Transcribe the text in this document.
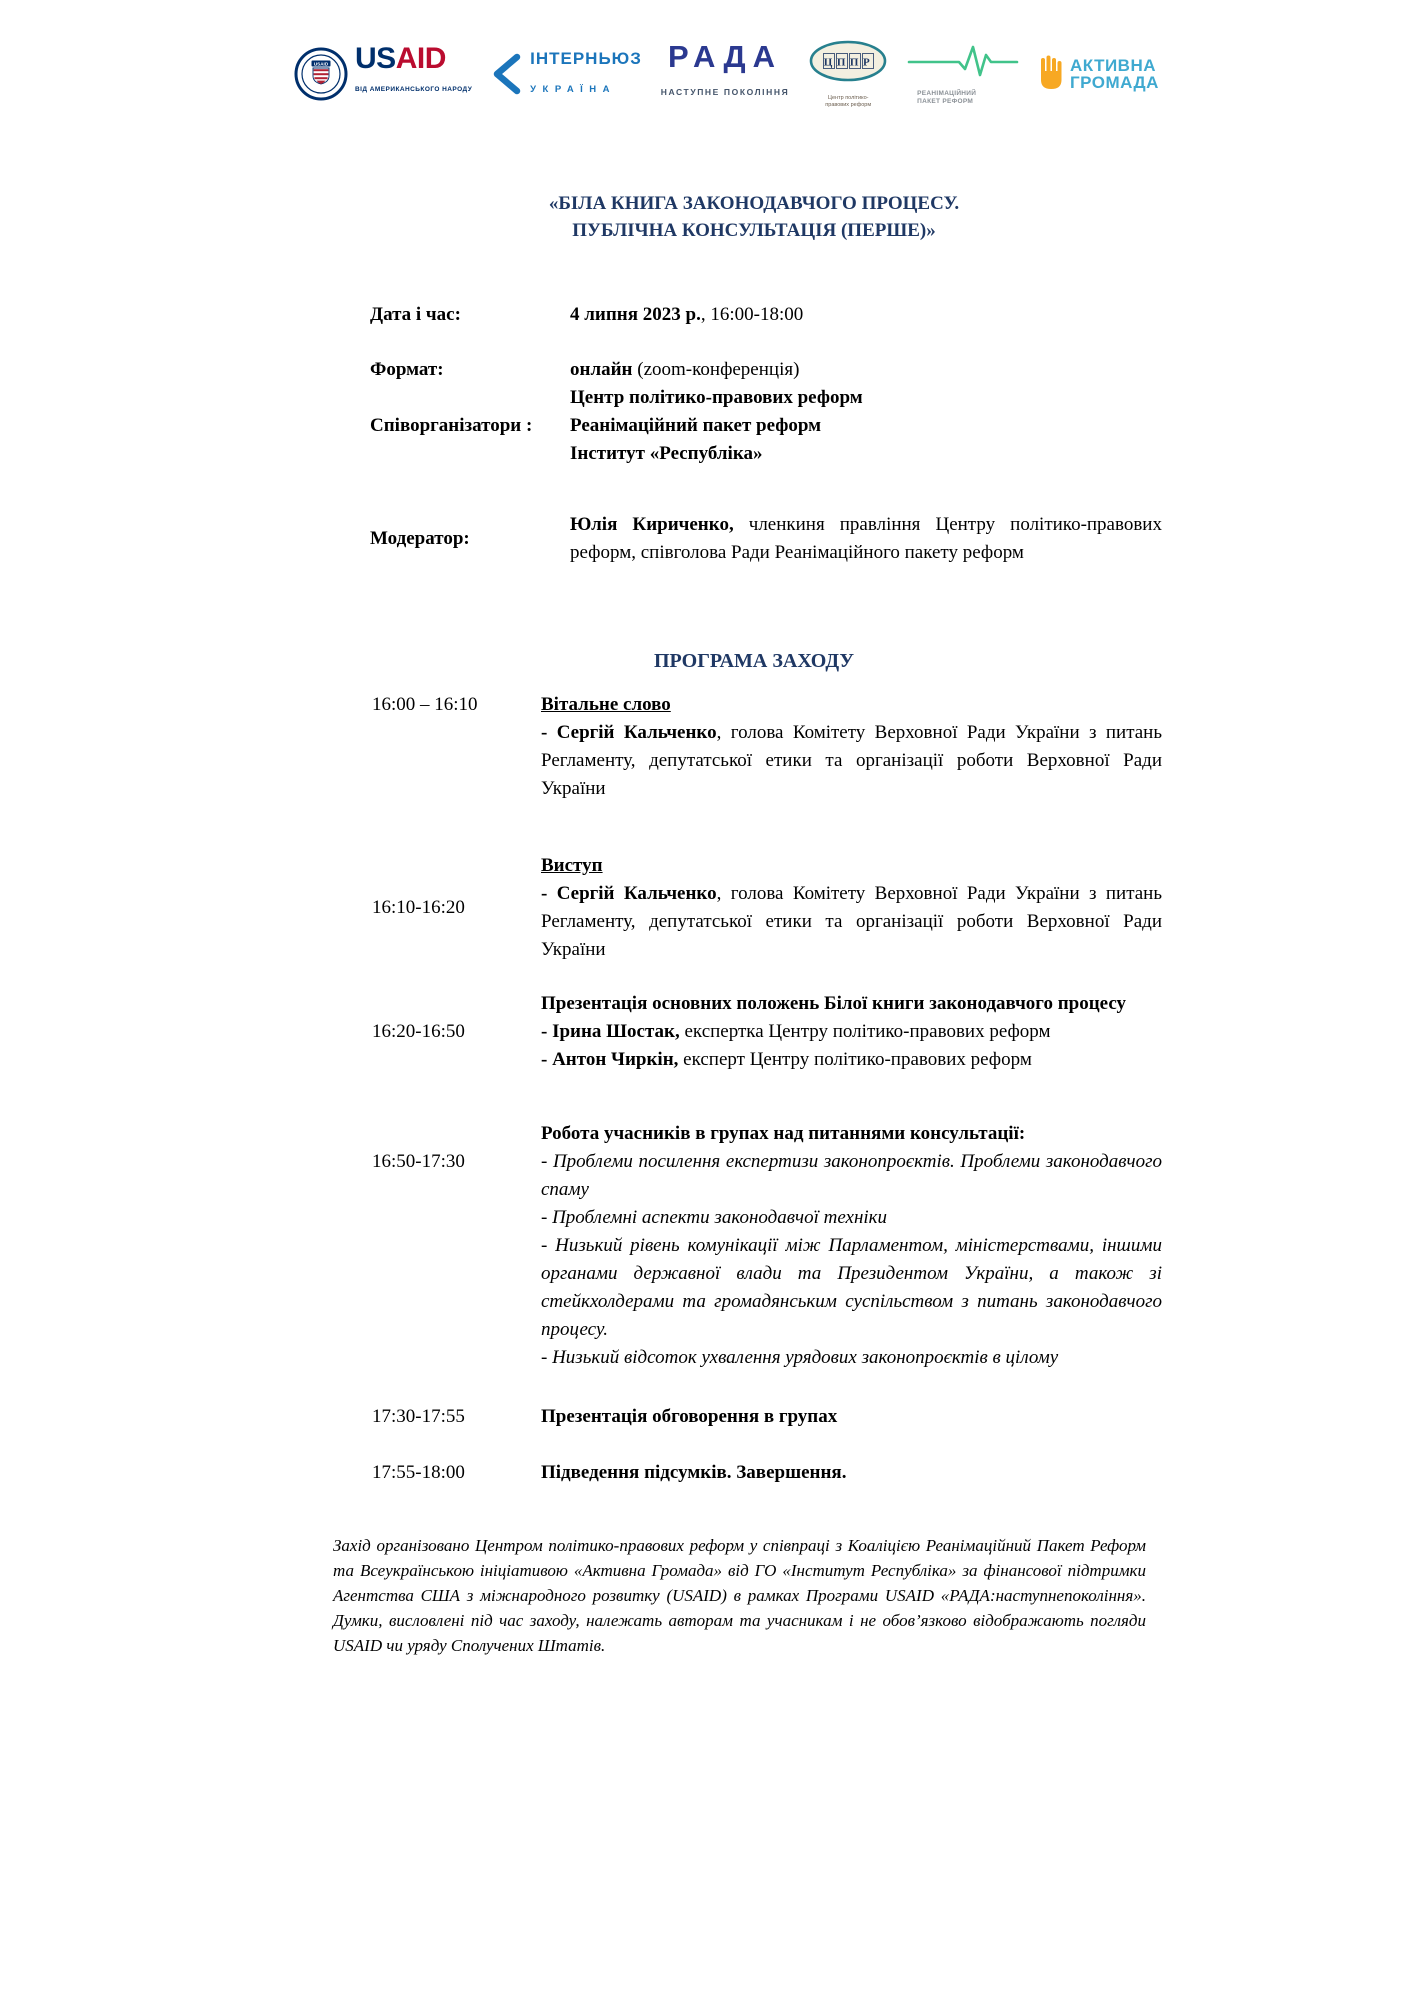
USAID USAID
ВІД АМЕРИКАНСЬКОГО НАРОДУ
ІНТЕРНЬЮЗ
УКРАЇНА
РАДА
НАСТУПНЕ ПОКОЛІННЯ
ЦППР
Центр політико-правових реформ
РЕАНІМАЦІЙНИЙ
ПАКЕТ РЕФОРМ
АКТИВНА
ГРОМАДА
«БІЛА КНИГА ЗАКОНОДАВЧОГО ПРОЦЕСУ.
ПУБЛІЧНА КОНСУЛЬТАЦІЯ (ПЕРШЕ)»
Дата і час:	4 липня 2023 р., 16:00-18:00
Формат:	онлайн (zoom-конференція)
Співорганізатори :
Центр політико-правових реформ
Реанімаційний пакет реформ
Інститут «Республіка»
Модератор:
Юлія Кириченко, членкиня правління Центру політико-правових реформ, співголова Ради Реанімаційного пакету реформ
ПРОГРАМА ЗАХОДУ
16:00 – 16:10	Вітальне слово
- Сергій Кальченко, голова Комітету Верховної Ради України з питань Регламенту, депутатської етики та організації роботи Верховної Ради України
16:10-16:20
Виступ
- Сергій Кальченко, голова Комітету Верховної Ради України з питань Регламенту, депутатської етики та організації роботи Верховної Ради України
16:20-16:50
Презентація основних положень Білої книги законодавчого процесу
- Ірина Шостак, експертка Центру політико-правових реформ
- Антон Чиркін, експерт Центру політико-правових реформ
16:50-17:30
Робота учасників в групах над питаннями консультації:
- Проблеми посилення експертизи законопроєктів. Проблеми законодавчого спаму
- Проблемні аспекти законодавчої техніки
- Низький рівень комунікації між Парламентом, міністерствами, іншими органами державної влади та Президентом України, а також зі стейкхолдерами та громадянським суспільством з питань законодавчого процесу.
- Низький відсоток ухвалення урядових законопроєктів в цілому
17:30-17:55	Презентація обговорення в групах
17:55-18:00	Підведення підсумків. Завершення.
Захід організовано Центром політико-правових реформ у співпраці з Коаліцією Реанімаційний Пакет Реформ та Всеукраїнською ініціативою «Активна Громада» від ГО «Інститут Республіка» за фінансової підтримки Агентства США з міжнародного розвитку (USAID) в рамках Програми USAID «РАДА:наступнепокоління». Думки, висловлені під час заходу, належать авторам та учасникам і не обов’язково відображають погляди USAID чи уряду Сполучених Штатів.
